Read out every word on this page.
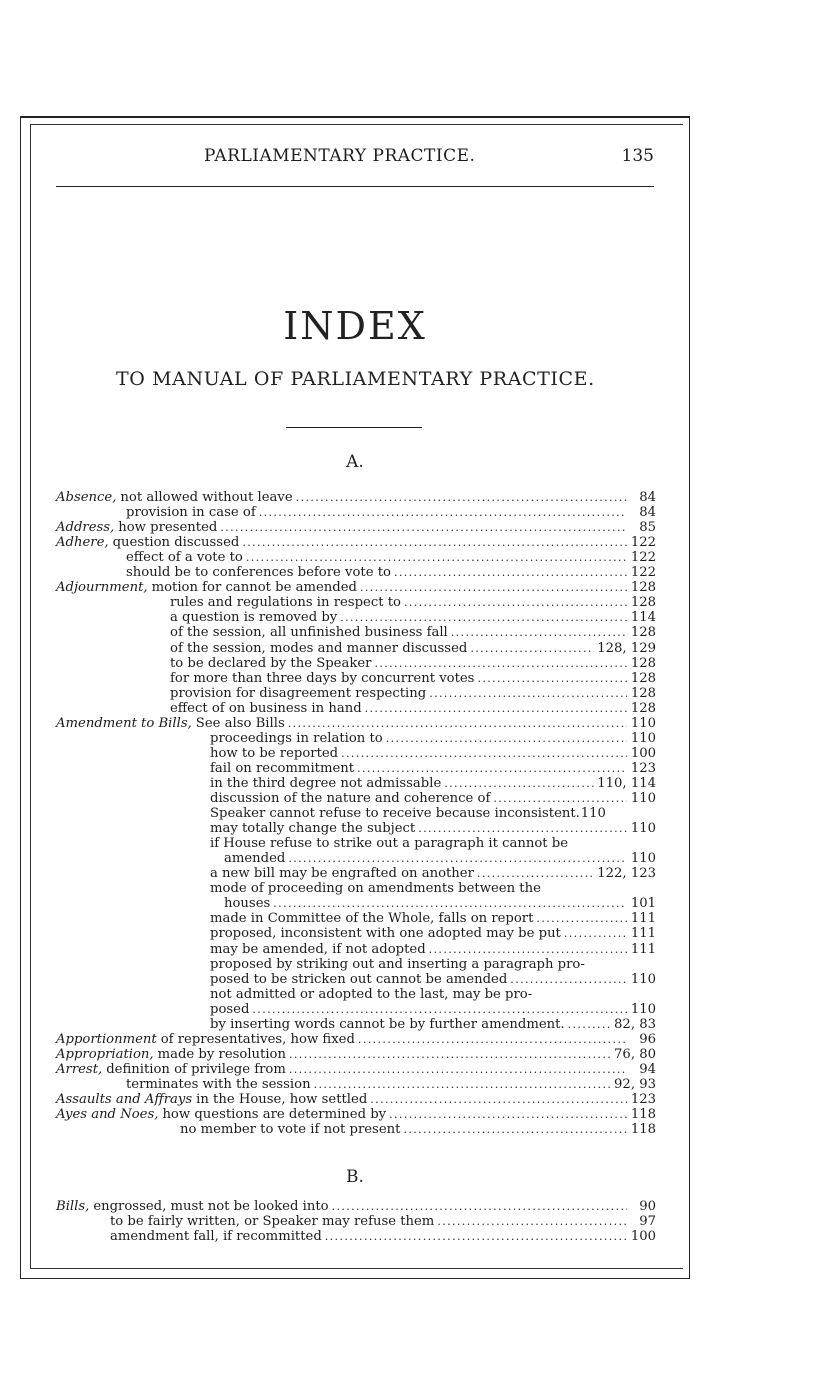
PARLIAMENTARY PRACTICE.	135
INDEX
TO MANUAL OF PARLIAMENTARY PRACTICE.
A.
Absence, not allowed without leave .....	84
provision in case of .....	84
Address, how presented .....	85
Adhere, question discussed .....	122
effect of a vote to .....	122
should be to conferences before vote to .....	122
Adjournment, motion for cannot be amended .....	128
rules and regulations in respect to .....	128
a question is removed by .....	114
of the session, all unfinished business fall .....	128
of the session, modes and manner discussed .....	128, 129
to be declared by the Speaker .....	128
for more than three days by concurrent votes .....	128
provision for disagreement respecting .....	128
effect of on business in hand .....	128
Amendment to Bills, See also Bills .....	110
proceedings in relation to .....	110
how to be reported .....	100
fail on recommitment .....	123
in the third degree not admissable .....	110, 114
discussion of the nature and coherence of .....	110
Speaker cannot refuse to receive because inconsistent. 110
may totally change the subject .....	110
if House refuse to strike out a paragraph it cannot be
amended .....	110
a new bill may be engrafted on another .....	122, 123
mode of proceeding on amendments between the
houses .....	101
made in Committee of the Whole, falls on report .....	111
proposed, inconsistent with one adopted may be put .....	111
may be amended, if not adopted .....	111
proposed by striking out and inserting a paragraph pro-
posed to be stricken out cannot be amended .....	110
not admitted or adopted to the last, may be pro-
posed .....	110
by inserting words cannot be by further amendment. .....	82, 83
Apportionment of representatives, how fixed .....	96
Appropriation, made by resolution .....	76, 80
Arrest, definition of privilege from .....	94
terminates with the session .....	92, 93
Assaults and Affrays in the House, how settled .....	123
Ayes and Noes, how questions are determined by .....	118
no member to vote if not present .....	118
B.
Bills, engrossed, must not be looked into .....	90
to be fairly written, or Speaker may refuse them .....	97
amendment fall, if recommitted .....	100
